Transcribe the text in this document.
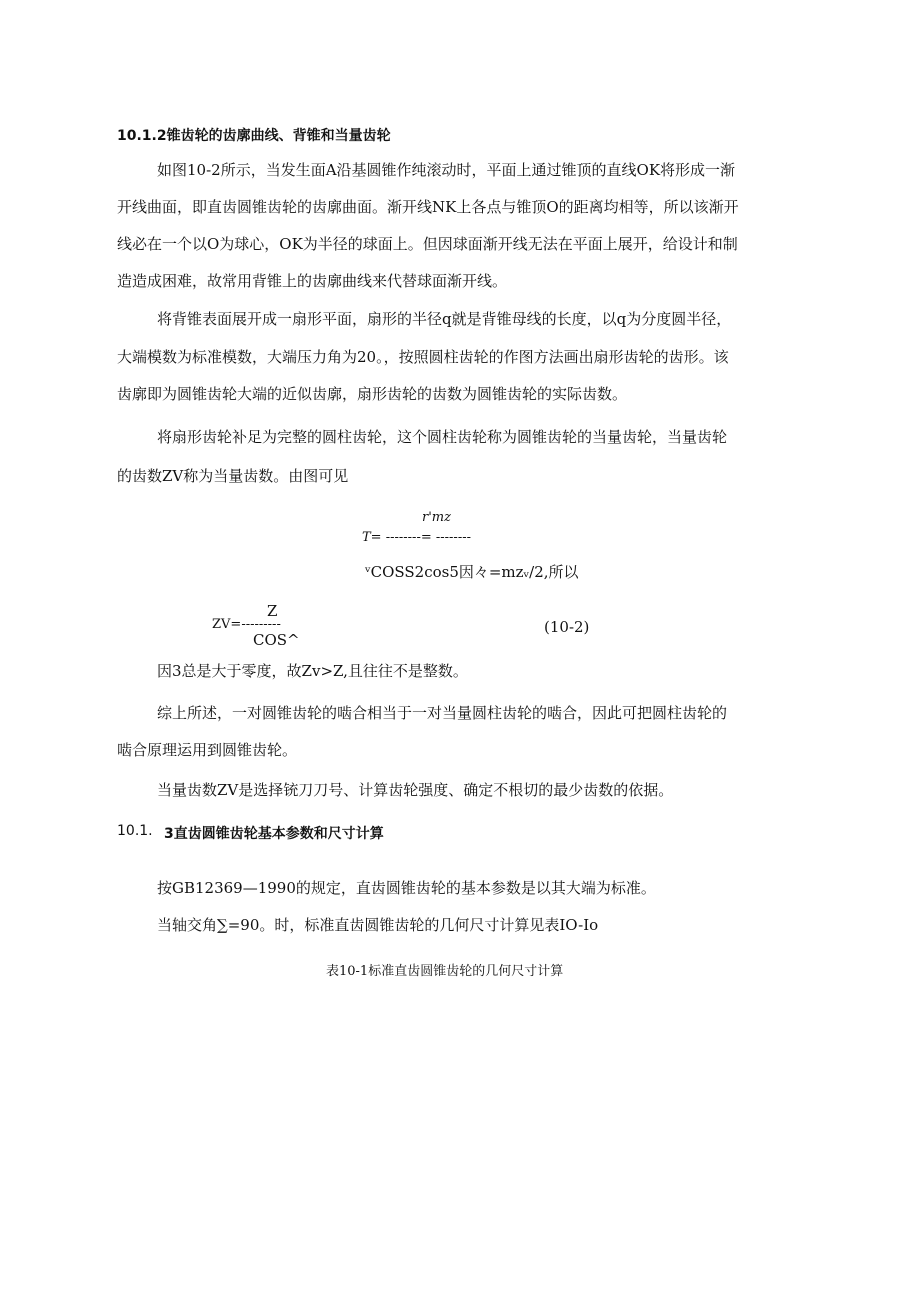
10.1.2锥齿轮的齿廓曲线、背锥和当量齿轮
如图10-2所示，当发生面A沿基圆锥作纯滚动时，平面上通过锥顶的直线OK将形成一渐
开线曲面，即直齿圆锥齿轮的齿廓曲面。渐开线NK上各点与锥顶O的距离均相等，所以该渐开
线必在一个以O为球心，OK为半径的球面上。但因球面渐开线无法在平面上展开，给设计和制
造造成困难，故常用背锥上的齿廓曲线来代替球面渐开线。
将背锥表面展开成一扇形平面，扇形的半径q就是背锥母线的长度，以q为分度圆半径，
大端模数为标准模数，大端压力角为20。，按照圆柱齿轮的作图方法画出扇形齿轮的齿形。该
齿廓即为圆锥齿轮大端的近似齿廓，扇形齿轮的齿数为圆锥齿轮的实际齿数。
将扇形齿轮补足为完整的圆柱齿轮，这个圆柱齿轮称为圆锥齿轮的当量齿轮，当量齿轮
的齿数ZV称为当量齿数。由图可见
r'mz
T= --------= --------
ᵛCOSS2cos5因々=mzᵥ/2,所以
Z
ZV=---------
COS^
(10-2)
因3总是大于零度，故Zv>Z,且往往不是整数。
综上所述，一对圆锥齿轮的啮合相当于一对当量圆柱齿轮的啮合，因此可把圆柱齿轮的
啮合原理运用到圆锥齿轮。
当量齿数ZV是选择铳刀刀号、计算齿轮强度、确定不根切的最少齿数的依据。
10.1. 3直齿圆锥齿轮基本参数和尺寸计算
按GB12369—1990的规定，直齿圆锥齿轮的基本参数是以其大端为标准。
当轴交角∑=90。时，标准直齿圆锥齿轮的几何尺寸计算见表IO-Io
表10-1标准直齿圆锥齿轮的几何尺寸计算
